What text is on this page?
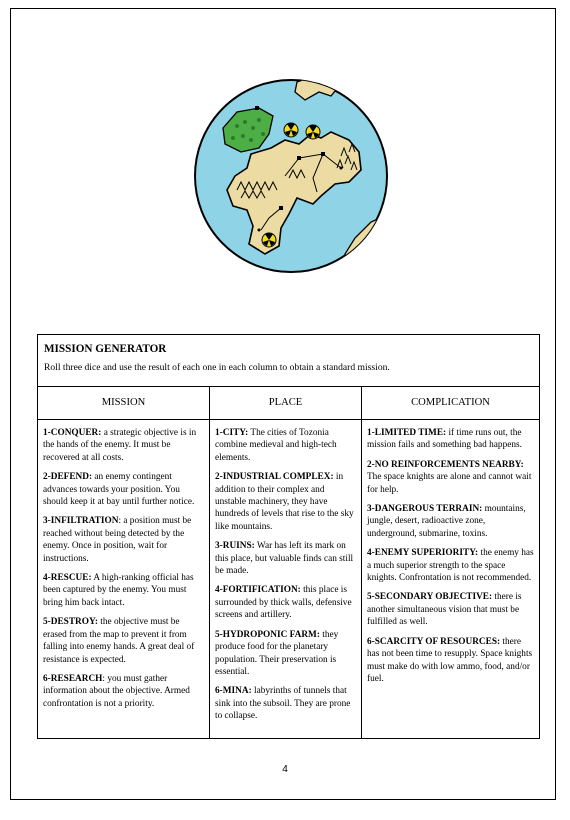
MISSION GENERATOR
Roll three dice and use the result of each one in each column to obtain a standard mission.
MISSION
1-CONQUER: a strategic objective is in the hands of the enemy. It must be recovered at all costs.
2-DEFEND: an enemy contingent advances towards your position. You should keep it at bay until further notice.
3-INFILTRATION: a position must be reached without being detected by the enemy. Once in position, wait for instructions.
4-RESCUE: A high-ranking official has been captured by the enemy. You must bring him back intact.
5-DESTROY: the objective must be erased from the map to prevent it from falling into enemy hands. A great deal of resistance is expected.
6-RESEARCH: you must gather information about the objective. Armed confrontation is not a priority.
PLACE
1-CITY: The cities of Tozonia combine medieval and high-tech elements.
2-INDUSTRIAL COMPLEX: in addition to their complex and unstable machinery, they have hundreds of levels that rise to the sky like mountains.
3-RUINS: War has left its mark on this place, but valuable finds can still be made.
4-FORTIFICATION: this place is surrounded by thick walls, defensive screens and artillery.
5-HYDROPONIC FARM: they produce food for the planetary population. Their preservation is essential.
6-MINA: labyrinths of tunnels that sink into the subsoil. They are prone to collapse.
COMPLICATION
1-LIMITED TIME: if time runs out, the mission fails and something bad happens.
2-NO REINFORCEMENTS NEARBY: The space knights are alone and cannot wait for help.
3-DANGEROUS TERRAIN: mountains, jungle, desert, radioactive zone, underground, submarine, toxins.
4-ENEMY SUPERIORITY: the enemy has a much superior strength to the space knights. Confrontation is not recommended.
5-SECONDARY OBJECTIVE: there is another simultaneous vision that must be fulfilled as well.
6-SCARCITY OF RESOURCES: there has not been time to resupply. Space knights must make do with low ammo, food, and/or fuel.
4
